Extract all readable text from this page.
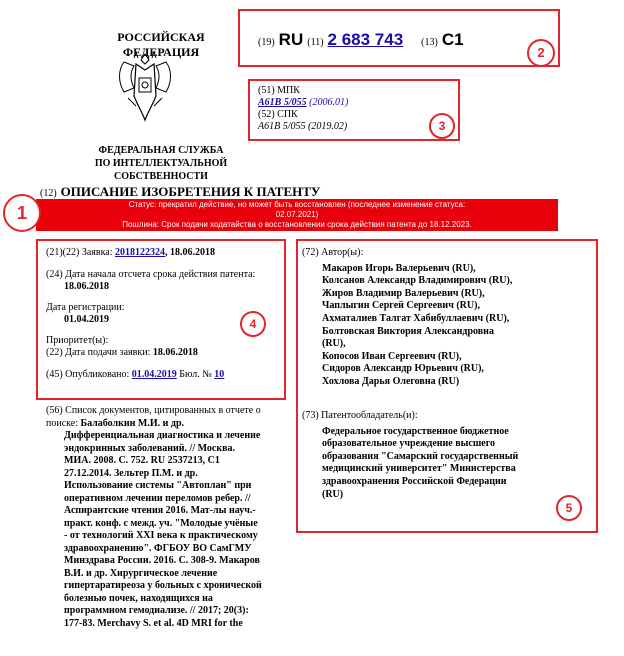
РОССИЙСКАЯ ФЕДЕРАЦИЯ
ФЕДЕРАЛЬНАЯ СЛУЖБА
ПО ИНТЕЛЛЕКТУАЛЬНОЙ СОБСТВЕННОСТИ
(19) RU (11) 2 683 743 (13) C1
2
(51) МПК
A61B 5/055 (2006.01)
(52) СПК
A61B 5/055 (2019.02)	3
(12) ОПИСАНИЕ ИЗОБРЕТЕНИЯ К ПАТЕНТУ
Статус: прекратил действие, но может быть восстановлен (последнее изменение статуса:
02.07.2021)
Пошлина: Срок подачи ходатайства о восстановлении срока действия патента до 18.12.2023.
1
(21)(22) Заявка: 2018122324, 18.06.2018
(24) Дата начала отсчета срока действия патента:
18.06.2018
Дата регистрации:
01.04.2019
Приоритет(ы):
(22) Дата подачи заявки: 18.06.2018
(45) Опубликовано: 01.04.2019 Бюл. № 10
4
(56) Список документов, цитированных в отчете о
поиске: Балаболкин М.И. и др.
Дифференциальная диагностика и лечение
эндокринных заболеваний. // Москва.
МИА. 2008. С. 752. RU 2537213, C1
27.12.2014. Зельтер П.М. и др.
Использование системы "Автоплан" при
оперативном лечении переломов ребер. //
Аспирантские чтения 2016. Мат-лы науч.-
практ. конф. с межд. уч. "Молодые учёные
- от технологий XXI века к практическому
здравоохранению". ФГБОУ ВО СамГМУ
Минздрава России. 2016. С. 308-9. Макаров
В.И. и др. Хирургическое лечение
гипертаратиреоза у больных с хронической
болезнью почек, находящихся на
программном гемодиализе. // 2017; 20(3):
177-83. Merchavy S. et al. 4D MRI for the
(72) Автор(ы):
Макаров Игорь Валерьевич (RU),
Колсанов Александр Владимирович (RU),
Жиров Владимир Валерьевич (RU),
Чаплыгин Сергей Сергеевич (RU),
Ахматалиев Талгат Хабибуллаевич (RU),
Болтовская Виктория Александровна
(RU),
Копосов Иван Сергеевич (RU),
Сидоров Александр Юрьевич (RU),
Хохлова Дарья Олеговна (RU)
(73) Патентообладатель(и):
Федеральное государственное бюджетное
образовательное учреждение высшего
образования "Самарский государственный
медицинский университет" Министерства
здравоохранения Российской Федерации
(RU)
5
